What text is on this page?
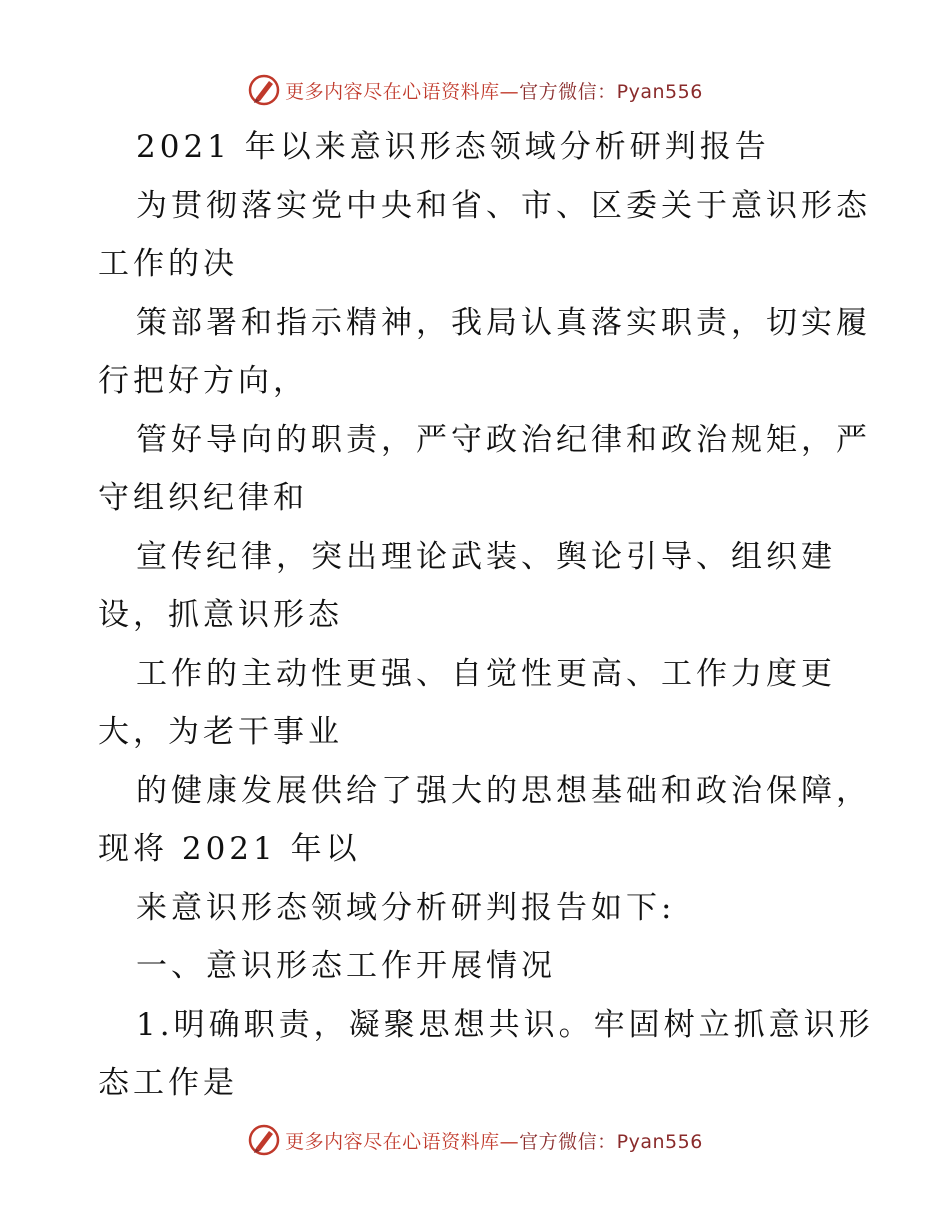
更多内容尽在心语资料库—官方微信：Pyan556
2021 年以来意识形态领域分析研判报告
为贯彻落实党中央和省、市、区委关于意识形态
工作的决
策部署和指示精神，我局认真落实职责，切实履
行把好方向，
管好导向的职责，严守政治纪律和政治规矩，严
守组织纪律和
宣传纪律，突出理论武装、舆论引导、组织建
设，抓意识形态
工作的主动性更强、自觉性更高、工作力度更
大，为老干事业
的健康发展供给了强大的思想基础和政治保障，
现将 2021 年以
来意识形态领域分析研判报告如下:
一、意识形态工作开展情况
1.明确职责，凝聚思想共识。牢固树立抓意识形
态工作是
更多内容尽在心语资料库—官方微信：Pyan556
